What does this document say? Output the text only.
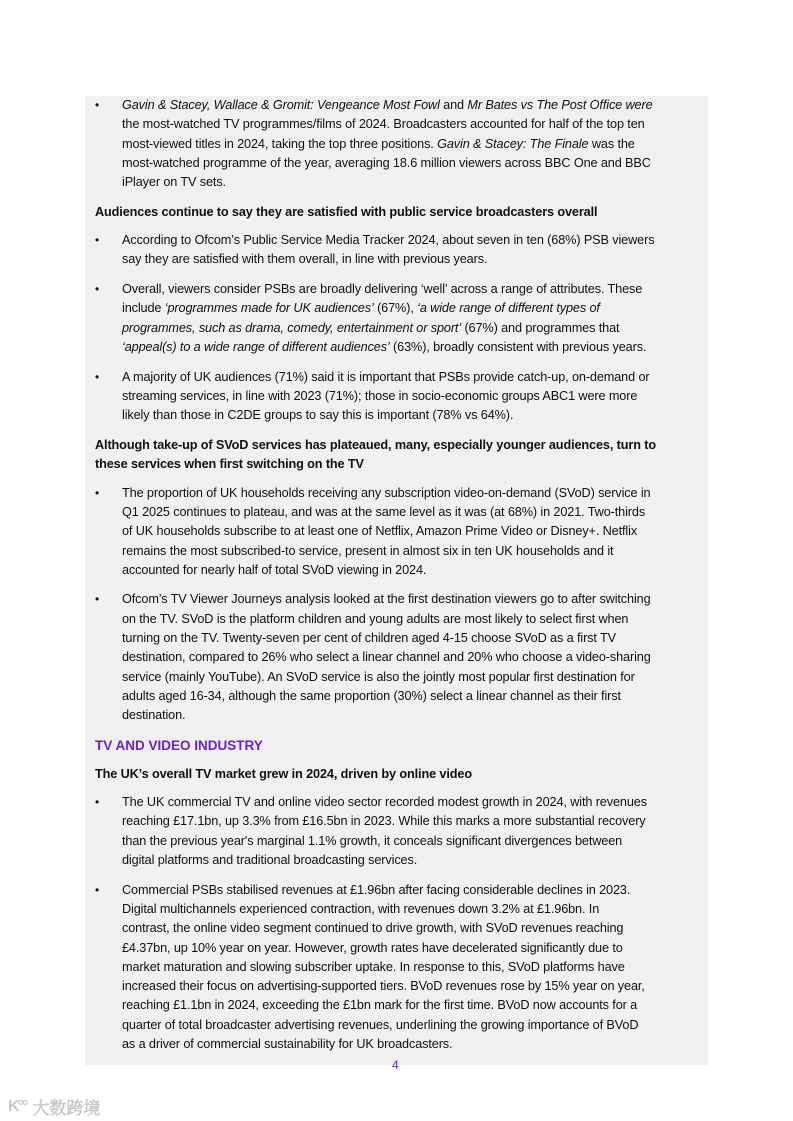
• Gavin & Stacey, Wallace & Gromit: Vengeance Most Fowl and Mr Bates vs The Post Office were
the most-watched TV programmes/films of 2024. Broadcasters accounted for half of the top ten
most-viewed titles in 2024, taking the top three positions. Gavin & Stacey: The Finale was the
most-watched programme of the year, averaging 18.6 million viewers across BBC One and BBC
iPlayer on TV sets.
Audiences continue to say they are satisfied with public service broadcasters overall
• According to Ofcom’s Public Service Media Tracker 2024, about seven in ten (68%) PSB viewers
say they are satisfied with them overall, in line with previous years.
• Overall, viewers consider PSBs are broadly delivering ‘well’ across a range of attributes. These
include ‘programmes made for UK audiences’ (67%), ‘a wide range of different types of
programmes, such as drama, comedy, entertainment or sport’ (67%) and programmes that
‘appeal(s) to a wide range of different audiences’ (63%), broadly consistent with previous years.
• A majority of UK audiences (71%) said it is important that PSBs provide catch-up, on-demand or
streaming services, in line with 2023 (71%); those in socio-economic groups ABC1 were more
likely than those in C2DE groups to say this is important (78% vs 64%).
Although take-up of SVoD services has plateaued, many, especially younger audiences, turn to
these services when first switching on the TV
• The proportion of UK households receiving any subscription video-on-demand (SVoD) service in
Q1 2025 continues to plateau, and was at the same level as it was (at 68%) in 2021. Two-thirds
of UK households subscribe to at least one of Netflix, Amazon Prime Video or Disney+. Netflix
remains the most subscribed-to service, present in almost six in ten UK households and it
accounted for nearly half of total SVoD viewing in 2024.
• Ofcom’s TV Viewer Journeys analysis looked at the first destination viewers go to after switching
on the TV. SVoD is the platform children and young adults are most likely to select first when
turning on the TV. Twenty-seven per cent of children aged 4-15 choose SVoD as a first TV
destination, compared to 26% who select a linear channel and 20% who choose a video-sharing
service (mainly YouTube). An SVoD service is also the jointly most popular first destination for
adults aged 16-34, although the same proportion (30%) select a linear channel as their first
destination.
TV AND VIDEO INDUSTRY
The UK’s overall TV market grew in 2024, driven by online video
• The UK commercial TV and online video sector recorded modest growth in 2024, with revenues
reaching £17.1bn, up 3.3% from £16.5bn in 2023. While this marks a more substantial recovery
than the previous year's marginal 1.1% growth, it conceals significant divergences between
digital platforms and traditional broadcasting services.
• Commercial PSBs stabilised revenues at £1.96bn after facing considerable declines in 2023.
Digital multichannels experienced contraction, with revenues down 3.2% at £1.96bn. In
contrast, the online video segment continued to drive growth, with SVoD revenues reaching
£4.37bn, up 10% year on year. However, growth rates have decelerated significantly due to
market maturation and slowing subscriber uptake. In response to this, SVoD platforms have
increased their focus on advertising-supported tiers. BVoD revenues rose by 15% year on year,
reaching £1.1bn in 2024, exceeding the £1bn mark for the first time. BVoD now accounts for a
quarter of total broadcaster advertising revenues, underlining the growing importance of BVoD
as a driver of commercial sustainability for UK broadcasters.
4
K°° 大数跨境
